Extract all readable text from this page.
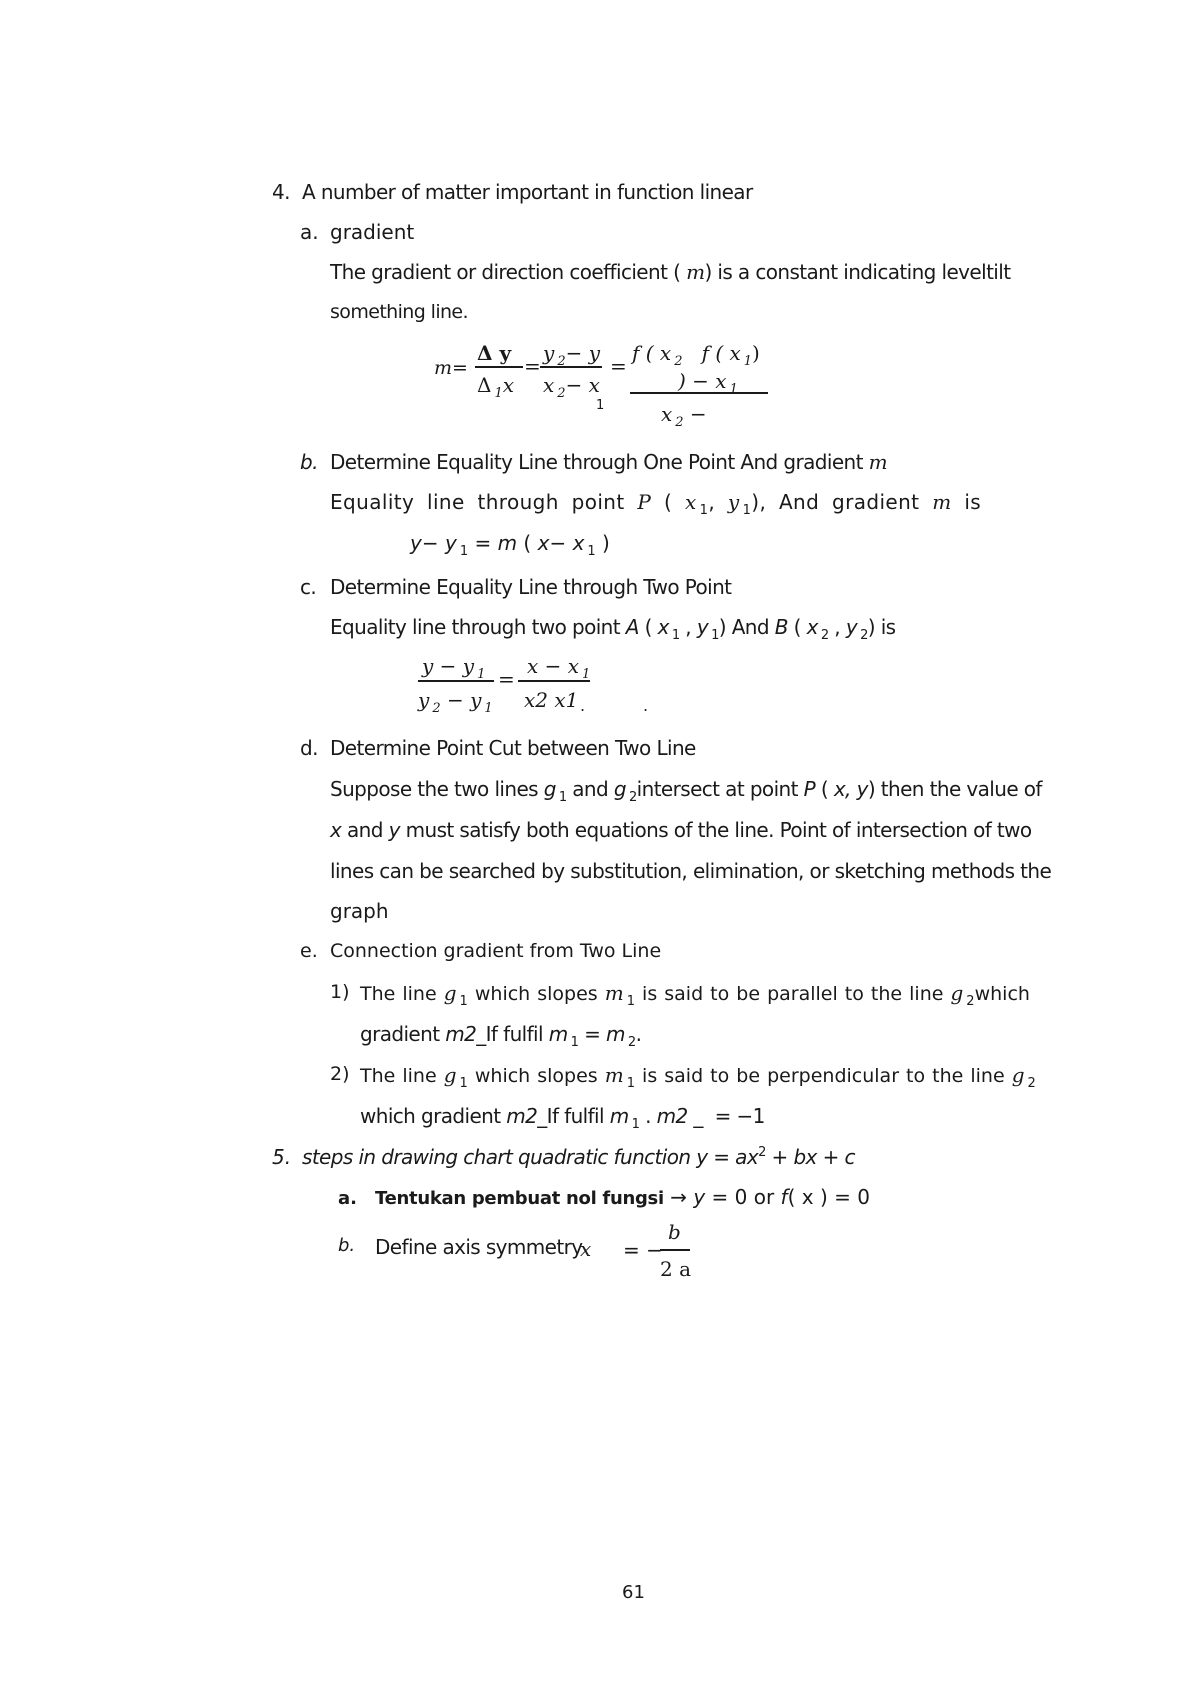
4. A number of matter important in function linear
a. gradient
The gradient or direction coefficient ( m) is a constant indicating leveltilt
something line.
m=
Δ y
Δ $_1$x
=
y $_2$− y
x $_2$− x
1
=
f ( x $_2$ f ( x $_1$)
) − x $_1$
x $_2$ −
b. Determine Equality Line through One Point And gradient m
Equality line through point P ( x $_1$, y $_1$), And gradient m is
y− y $_1$ = m ( x− x $_1$ )
c. Determine Equality Line through Two Point
Equality line through two point A ( x $_1$ , y $_1$) And B ( x $_2$ , y $_2$) is
y − y $_1$
y $_2$ − y $_1$
=
x − x $_1$
x2 x1 .	.
d. Determine Point Cut between Two Line
Suppose the two lines g $_1$ and g $_2$intersect at point P ( x, y) then the value of
x and y must satisfy both equations of the line. Point of intersection of two
lines can be searched by substitution, elimination, or sketching methods the
graph
e. Connection gradient from Two Line
1) The line g $_1$ which slopes m $_1$ is said to be parallel to the line g $_2$which
gradient m2_If fulfil m $_1$ = m $_2$.
2) The line g $_1$ which slopes m $_1$ is said to be perpendicular to the line g $_2$
which gradient m2_If fulfil m $_1$ . m2 _ = −1
5. steps in drawing chart quadratic function $y = ax^2$ + bx + c
a. Tentukan pembuat nol fungsi → y = 0 or f( x ) = 0
b. Define axis symmetry
x = −
b
2 a
61
